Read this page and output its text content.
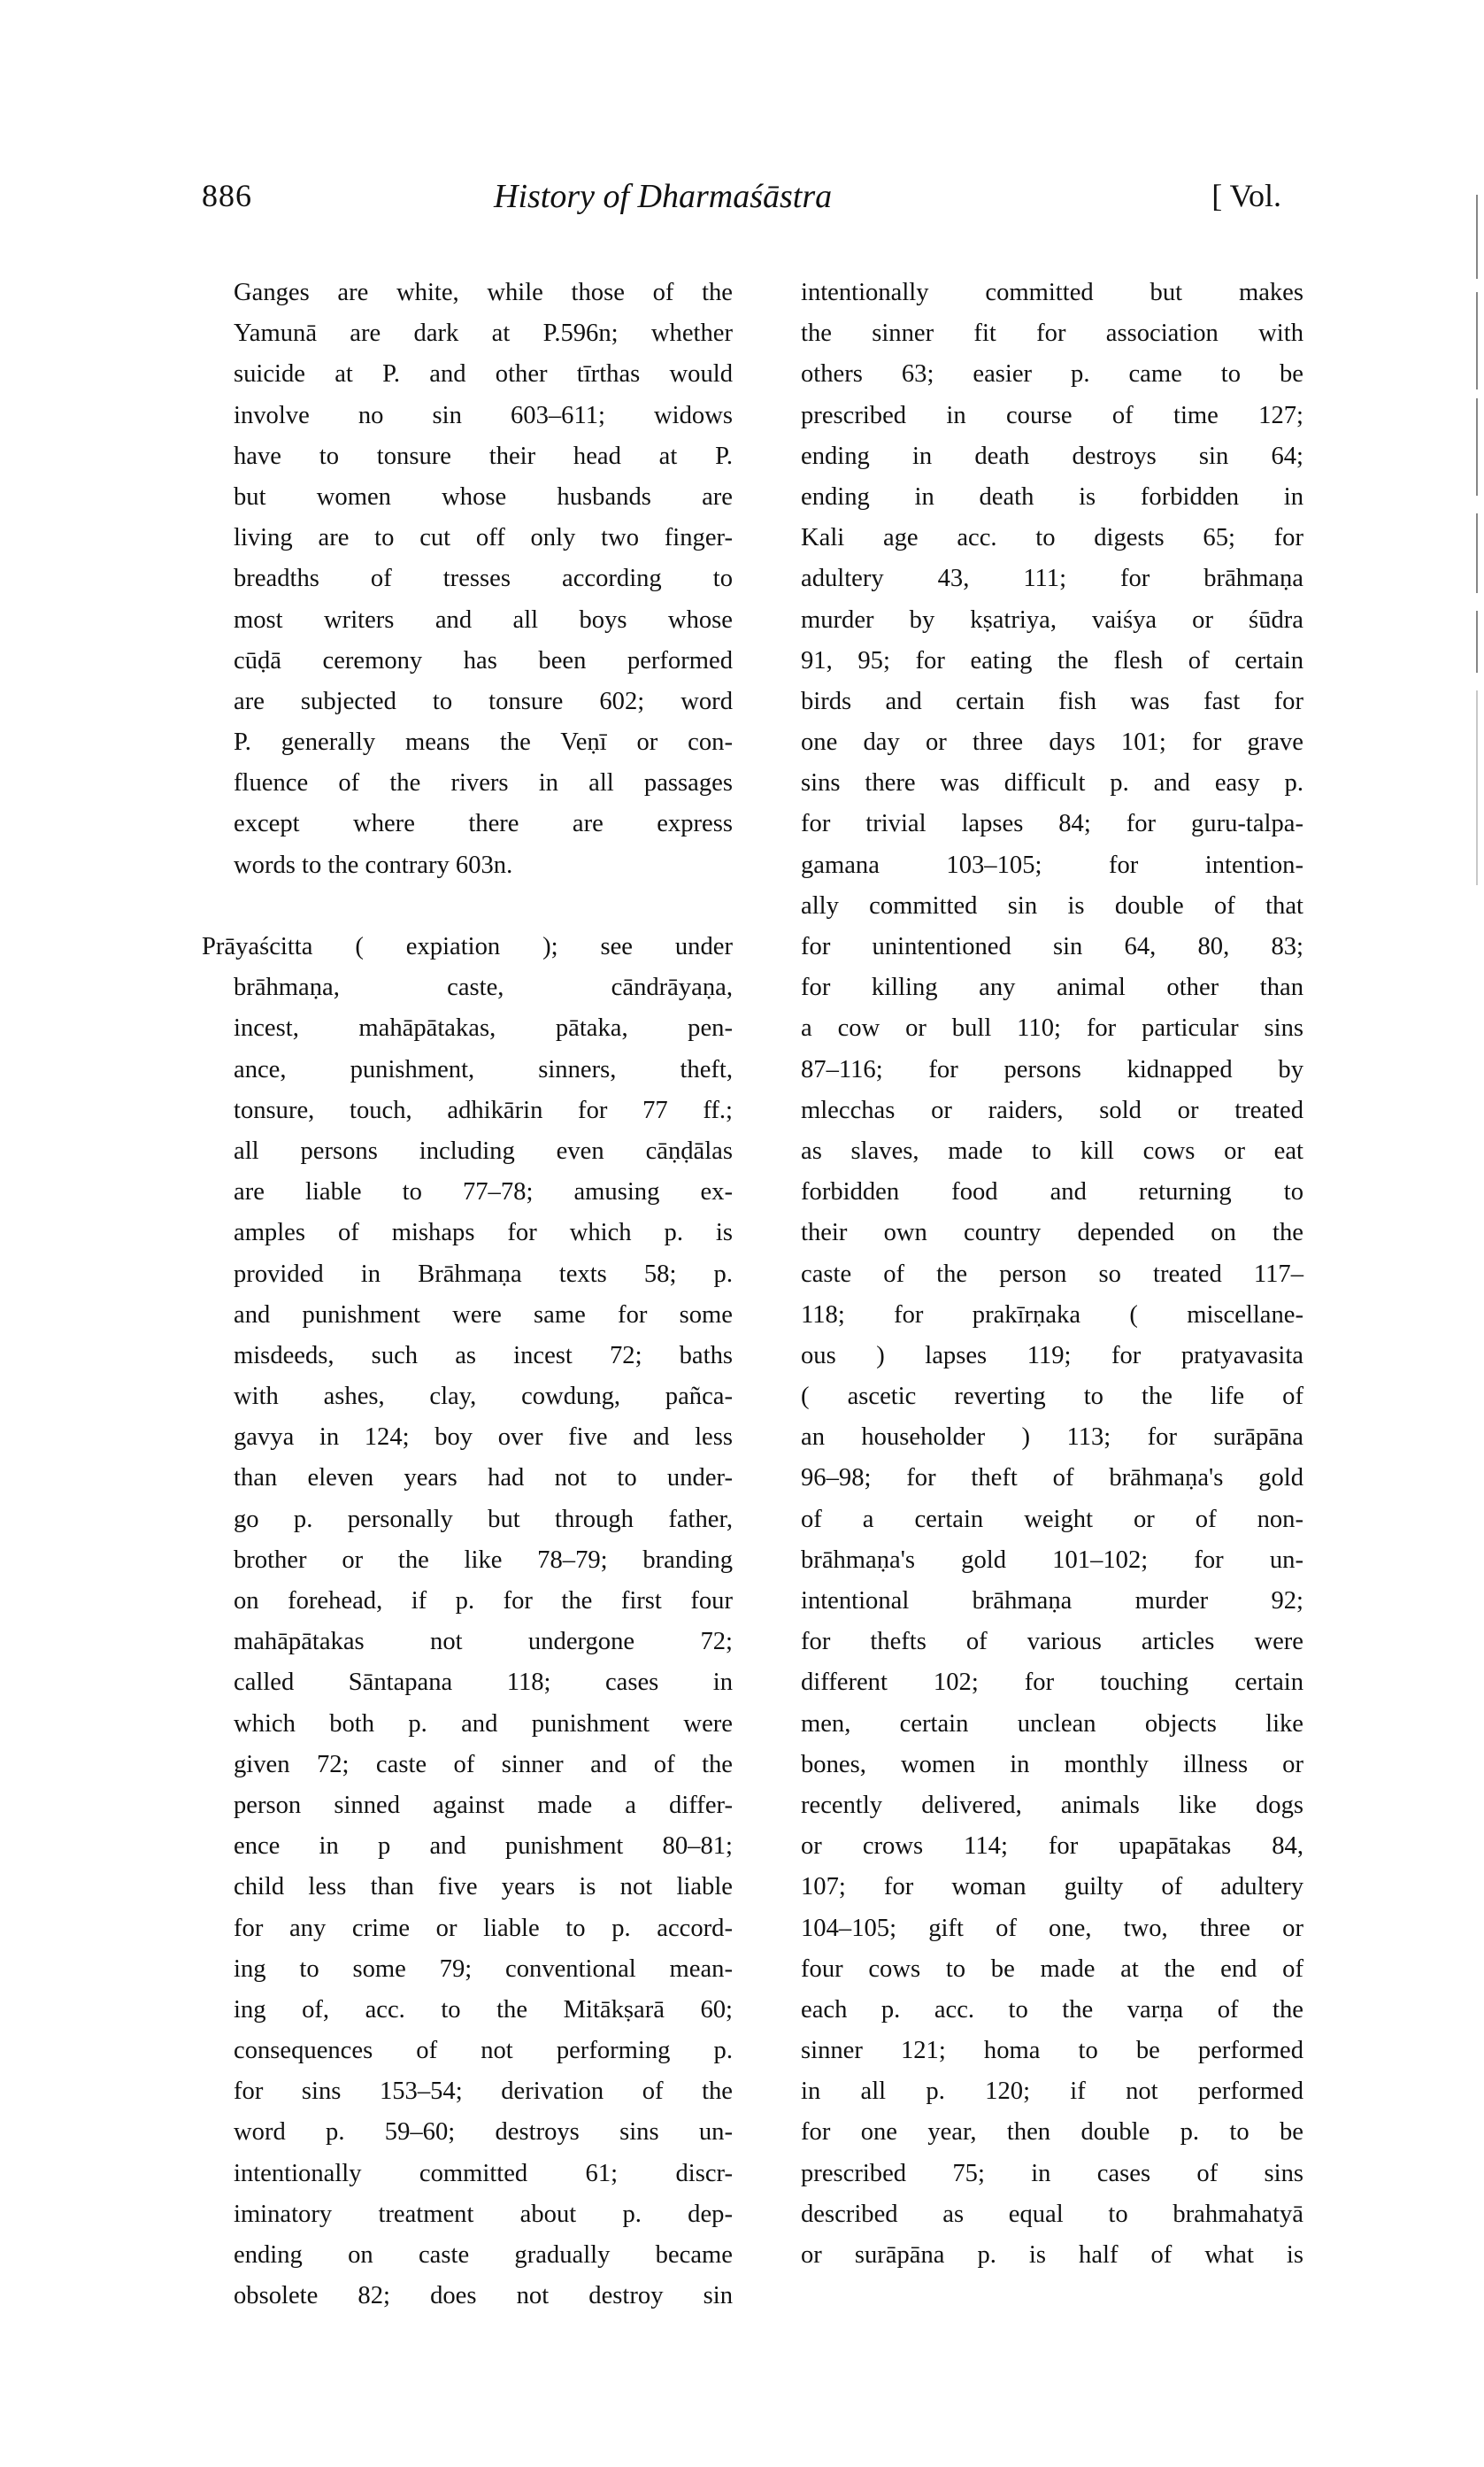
886	History of Dharmaśāstra	[ Vol.
Ganges are white, while those of the
Yamunā are dark at P.596n; whether
suicide at P. and other tīrthas would
involve no sin 603–611; widows
have to tonsure their head at P.
but women whose husbands are
living are to cut off only two finger-
breadths of tresses according to
most writers and all boys whose
cūḍā ceremony has been performed
are subjected to tonsure 602; word
P. generally means the Veṇī or con-
fluence of the rivers in all passages
except where there are express
words to the contrary 603n.
Prāyaścitta ( expiation ); see under
brāhmaṇa, caste, cāndrāyaṇa,
incest, mahāpātakas, pātaka, pen-
ance, punishment, sinners, theft,
tonsure, touch, adhikārin for 77 ff.;
all persons including even cāṇḍālas
are liable to 77–78; amusing ex-
amples of mishaps for which p. is
provided in Brāhmaṇa texts 58; p.
and punishment were same for some
misdeeds, such as incest 72; baths
with ashes, clay, cowdung, pañca-
gavya in 124; boy over five and less
than eleven years had not to under-
go p. personally but through father,
brother or the like 78–79; branding
on forehead, if p. for the first four
mahāpātakas not undergone 72;
called Sāntapana 118; cases in
which both p. and punishment were
given 72; caste of sinner and of the
person sinned against made a differ-
ence in p and punishment 80–81;
child less than five years is not liable
for any crime or liable to p. accord-
ing to some 79; conventional mean-
ing of, acc. to the Mitākṣarā 60;
consequences of not performing p.
for sins 153–54; derivation of the
word p. 59–60; destroys sins un-
intentionally committed 61; discr-
iminatory treatment about p. dep-
ending on caste gradually became
obsolete 82; does not destroy sin
intentionally committed but makes
the sinner fit for association with
others 63; easier p. came to be
prescribed in course of time 127;
ending in death destroys sin 64;
ending in death is forbidden in
Kali age acc. to digests 65; for
adultery 43, 111; for brāhmaṇa
murder by kṣatriya, vaiśya or śūdra
91, 95; for eating the flesh of certain
birds and certain fish was fast for
one day or three days 101; for grave
sins there was difficult p. and easy p.
for trivial lapses 84; for guru-talpa-
gamana 103–105; for intention-
ally committed sin is double of that
for unintentioned sin 64, 80, 83;
for killing any animal other than
a cow or bull 110; for particular sins
87–116; for persons kidnapped by
mlecchas or raiders, sold or treated
as slaves, made to kill cows or eat
forbidden food and returning to
their own country depended on the
caste of the person so treated 117–
118; for prakīrṇaka ( miscellane-
ous ) lapses 119; for pratyavasita
( ascetic reverting to the life of
an householder ) 113; for surāpāna
96–98; for theft of brāhmaṇa's gold
of a certain weight or of non-
brāhmaṇa's gold 101–102; for un-
intentional brāhmaṇa murder 92;
for thefts of various articles were
different 102; for touching certain
men, certain unclean objects like
bones, women in monthly illness or
recently delivered, animals like dogs
or crows 114; for upapātakas 84,
107; for woman guilty of adultery
104–105; gift of one, two, three or
four cows to be made at the end of
each p. acc. to the varṇa of the
sinner 121; homa to be performed
in all p. 120; if not performed
for one year, then double p. to be
prescribed 75; in cases of sins
described as equal to brahmahatyā
or surāpāna p. is half of what is
